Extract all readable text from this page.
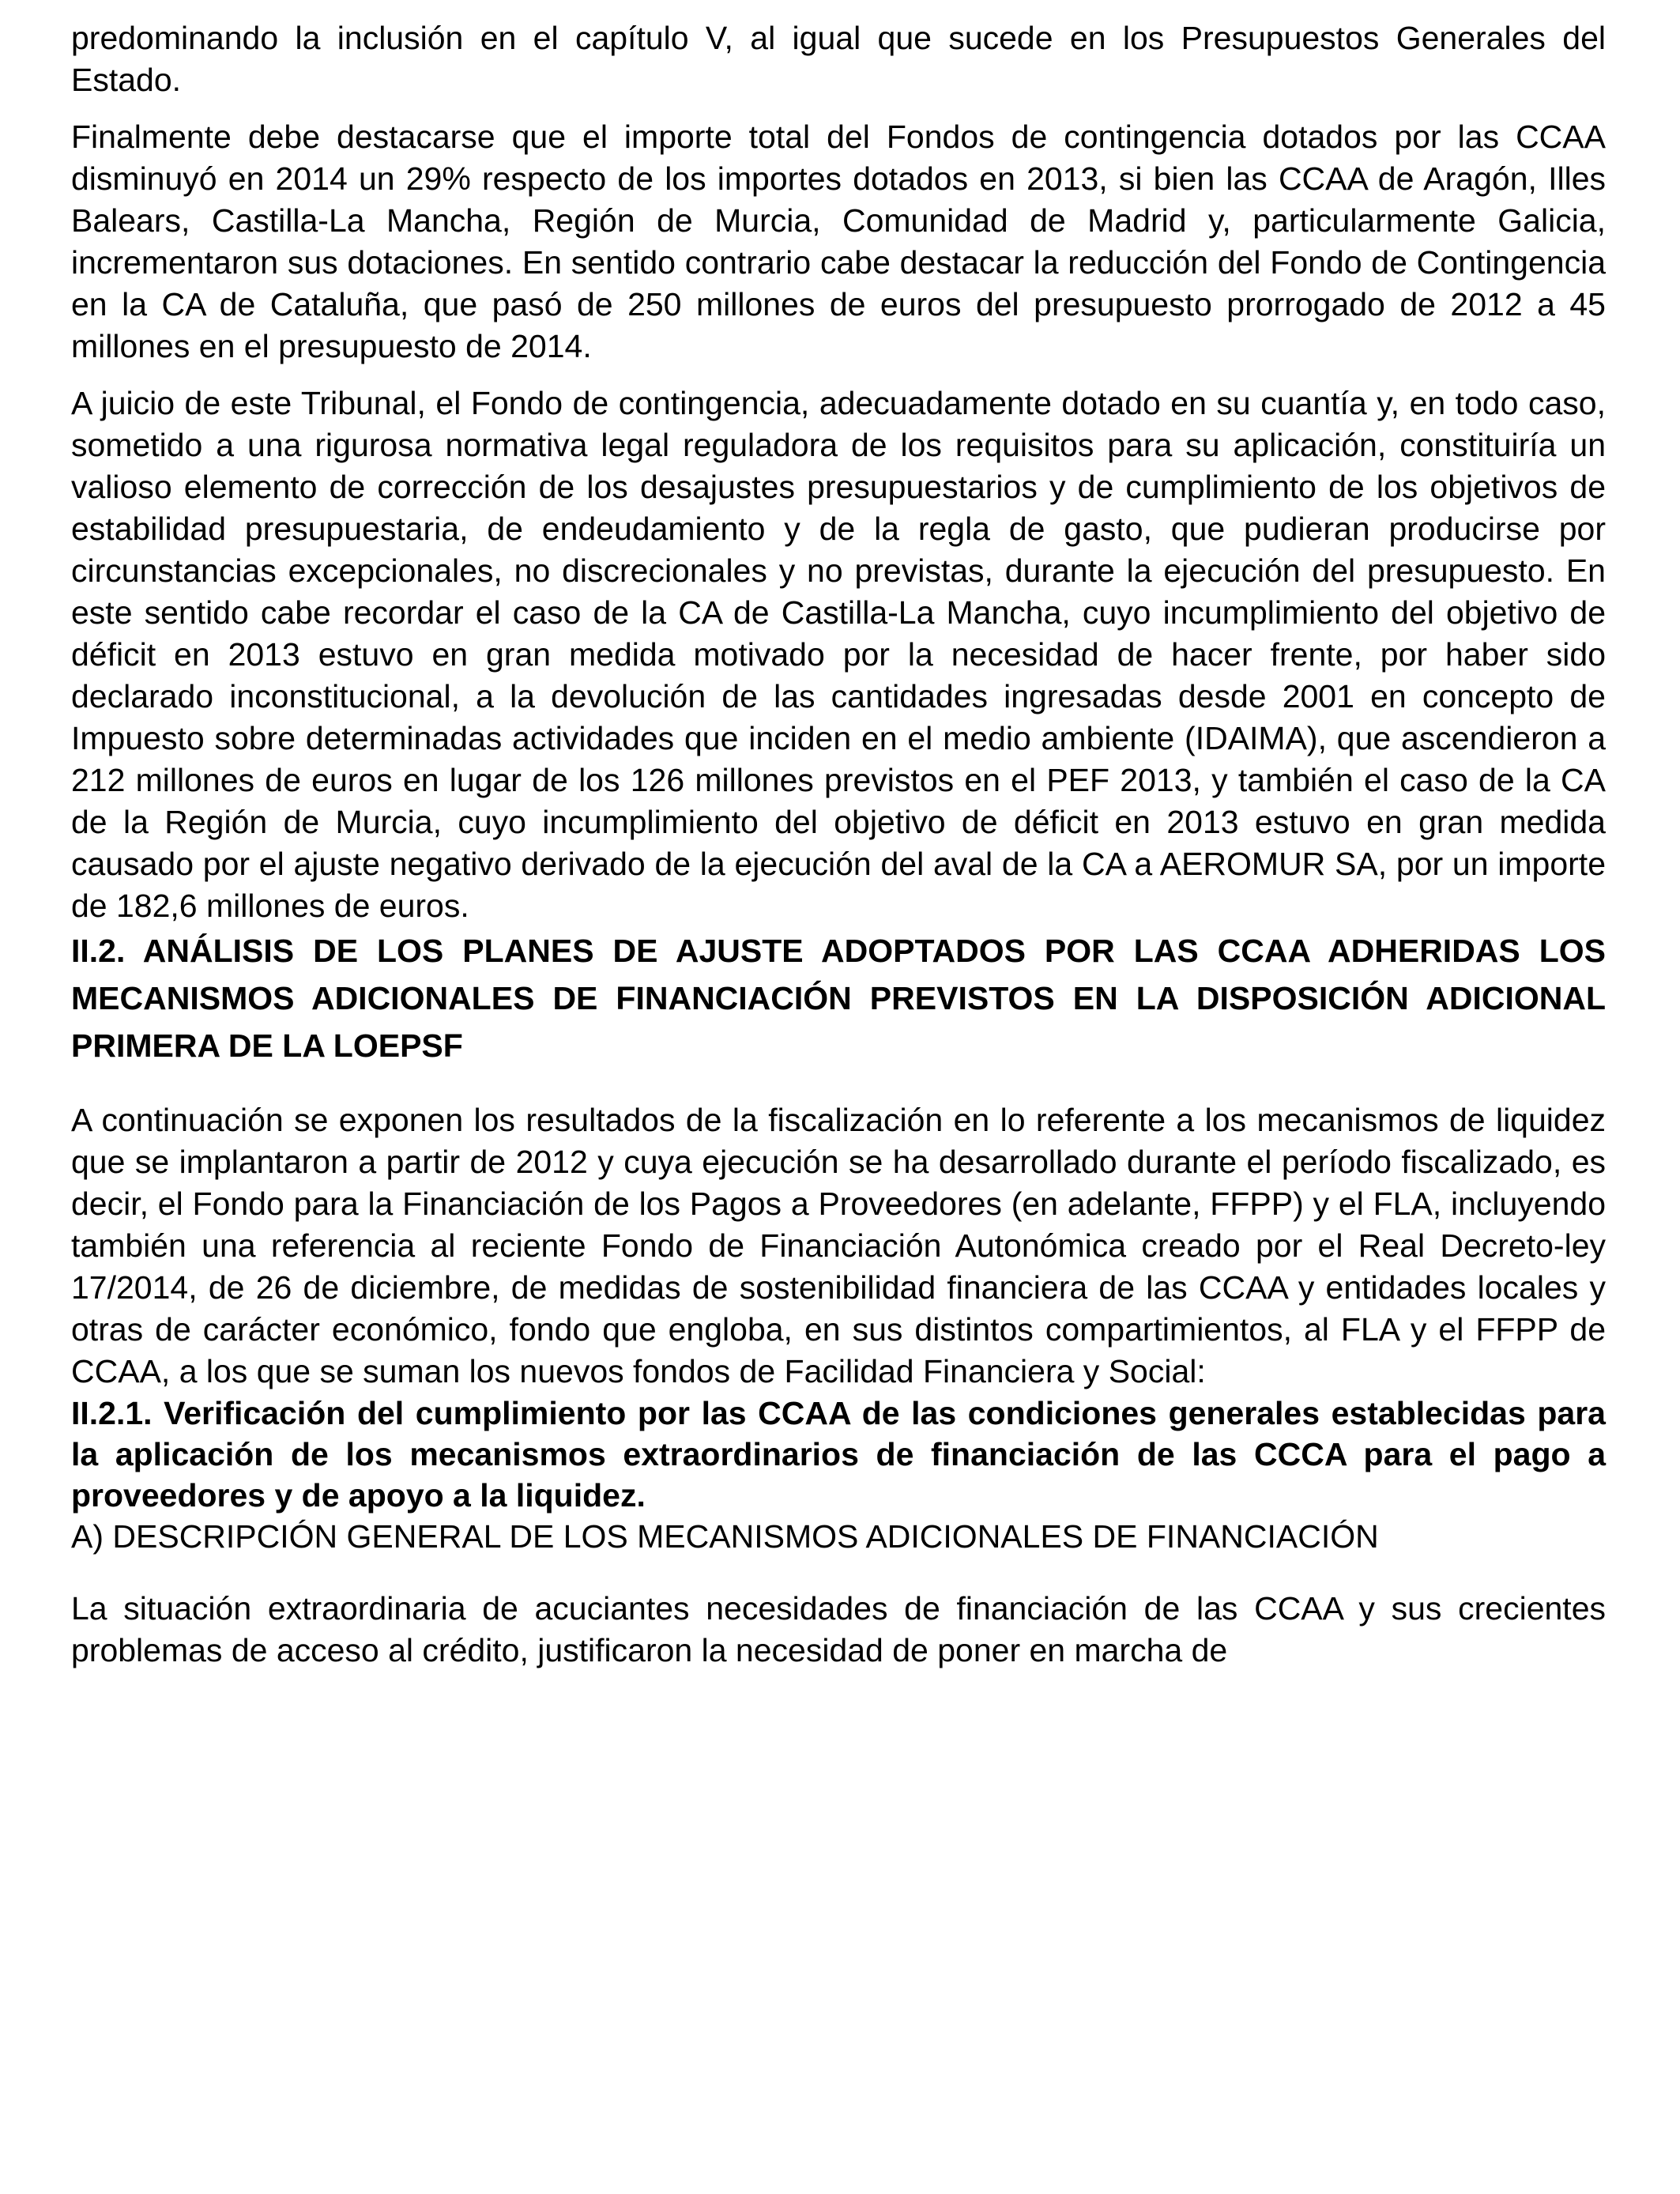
predominando la inclusión en el capítulo V, al igual que sucede en los Presupuestos Generales del Estado.

Finalmente debe destacarse que el importe total del Fondos de contingencia dotados por las CCAA disminuyó en 2014 un 29% respecto de los importes dotados en 2013, si bien las CCAA de Aragón, Illes Balears, Castilla-La Mancha, Región de Murcia, Comunidad de Madrid y, particularmente Galicia, incrementaron sus dotaciones. En sentido contrario cabe destacar la reducción del Fondo de Contingencia en la CA de Cataluña, que pasó de 250 millones de euros del presupuesto prorrogado de 2012 a 45 millones en el presupuesto de 2014.

A juicio de este Tribunal, el Fondo de contingencia, adecuadamente dotado en su cuantía y, en todo caso, sometido a una rigurosa normativa legal reguladora de los requisitos para su aplicación, constituiría un valioso elemento de corrección de los desajustes presupuestarios y de cumplimiento de los objetivos de estabilidad presupuestaria, de endeudamiento y de la regla de gasto, que pudieran producirse por circunstancias excepcionales, no discrecionales y no previstas, durante la ejecución del presupuesto. En este sentido cabe recordar el caso de la CA de Castilla-La Mancha, cuyo incumplimiento del objetivo de déficit en 2013 estuvo en gran medida motivado por la necesidad de hacer frente, por haber sido declarado inconstitucional, a la devolución de las cantidades ingresadas desde 2001 en concepto de Impuesto sobre determinadas actividades que inciden en el medio ambiente (IDAIMA), que ascendieron a 212 millones de euros en lugar de los 126 millones previstos en el PEF 2013, y también el caso de la CA de la Región de Murcia, cuyo incumplimiento del objetivo de déficit en 2013 estuvo en gran medida causado por el ajuste negativo derivado de la ejecución del aval de la CA a AEROMUR SA, por un importe de 182,6 millones de euros.

II.2. ANÁLISIS DE LOS PLANES DE AJUSTE ADOPTADOS POR LAS CCAA ADHERIDAS LOS MECANISMOS ADICIONALES DE FINANCIACIÓN PREVISTOS EN LA DISPOSICIÓN ADICIONAL PRIMERA DE LA LOEPSF

A continuación se exponen los resultados de la fiscalización en lo referente a los mecanismos de liquidez que se implantaron a partir de 2012 y cuya ejecución se ha desarrollado durante el período fiscalizado, es decir, el Fondo para la Financiación de los Pagos a Proveedores (en adelante, FFPP) y el FLA, incluyendo también una referencia al reciente Fondo de Financiación Autonómica creado por el Real Decreto-ley 17/2014, de 26 de diciembre, de medidas de sostenibilidad financiera de las CCAA y entidades locales y otras de carácter económico, fondo que engloba, en sus distintos compartimientos, al FLA y el FFPP de CCAA, a los que se suman los nuevos fondos de Facilidad Financiera y Social:

II.2.1. Verificación del cumplimiento por las CCAA de las condiciones generales establecidas para la aplicación de los mecanismos extraordinarios de financiación de las CCCA para el pago a proveedores y de apoyo a la liquidez.

A) DESCRIPCIÓN GENERAL DE LOS MECANISMOS ADICIONALES DE FINANCIACIÓN

La situación extraordinaria de acuciantes necesidades de financiación de las CCAA y sus crecientes problemas de acceso al crédito, justificaron la necesidad de poner en marcha de
